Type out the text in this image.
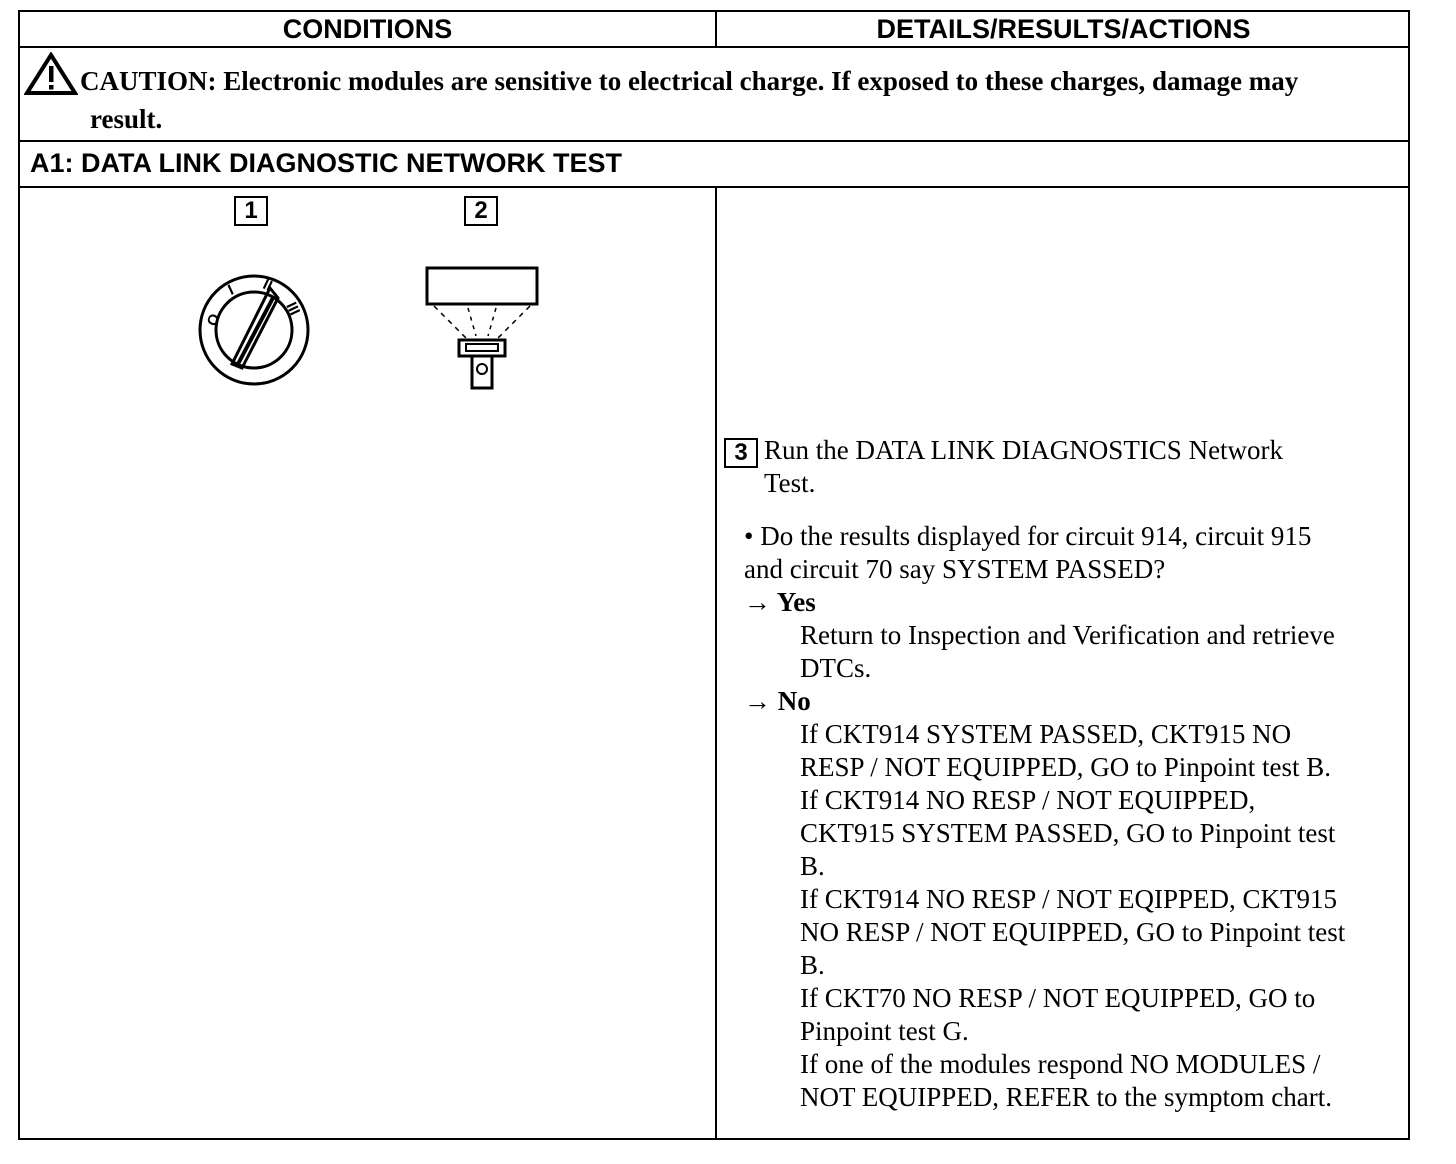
CONDITIONS	DETAILS/RESULTS/ACTIONS
CAUTION: Electronic modules are sensitive to electrical charge. If exposed to these charges, damage may
result.
A1: DATA LINK DIAGNOSTIC NETWORK TEST
1	2
O
I II
III
3 Run the DATA LINK DIAGNOSTICS Network
Test.
• Do the results displayed for circuit 914, circuit 915
and circuit 70 say SYSTEM PASSED?
→ Yes
Return to Inspection and Verification and retrieve
DTCs.
→ No
If CKT914 SYSTEM PASSED, CKT915 NO
RESP / NOT EQUIPPED, GO to Pinpoint test B.
If CKT914 NO RESP / NOT EQUIPPED,
CKT915 SYSTEM PASSED, GO to Pinpoint test
B.
If CKT914 NO RESP / NOT EQIPPED, CKT915
NO RESP / NOT EQUIPPED, GO to Pinpoint test
B.
If CKT70 NO RESP / NOT EQUIPPED, GO to
Pinpoint test G.
If one of the modules respond NO MODULES /
NOT EQUIPPED, REFER to the symptom chart.
